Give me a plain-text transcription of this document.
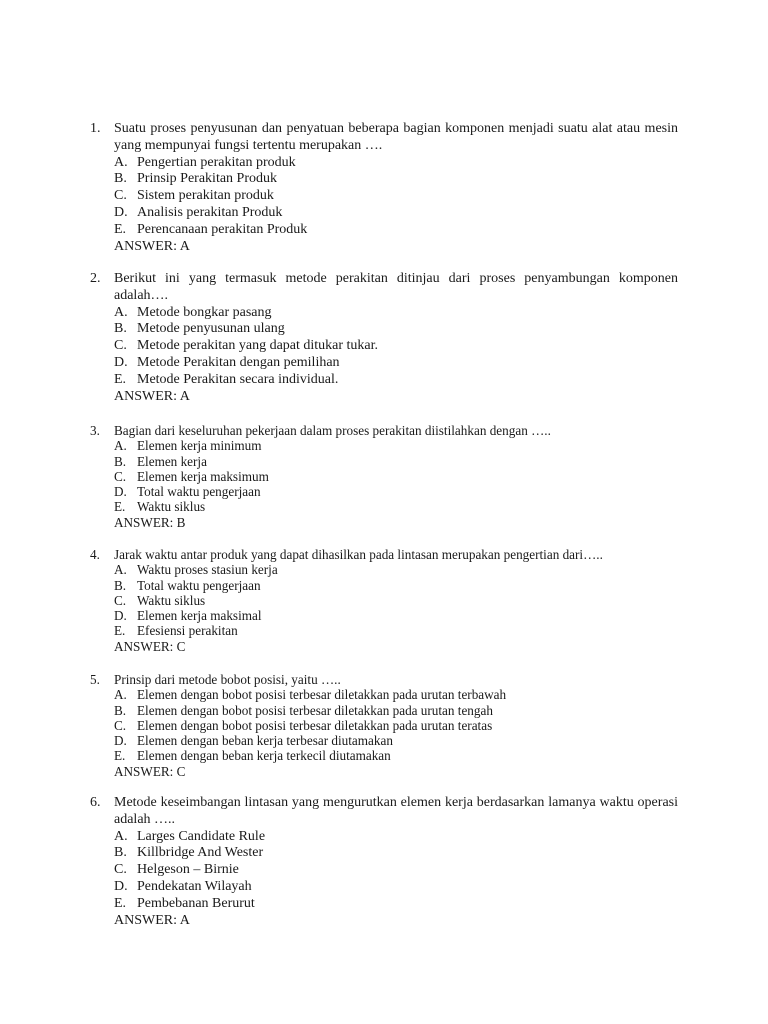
1. Suatu proses penyusunan dan penyatuan beberapa bagian komponen menjadi suatu alat atau mesin yang mempunyai fungsi tertentu merupakan ….
A. Pengertian perakitan produk
B. Prinsip Perakitan Produk
C. Sistem perakitan produk
D. Analisis perakitan Produk
E. Perencanaan perakitan Produk
ANSWER: A
2. Berikut ini yang termasuk metode perakitan ditinjau dari proses penyambungan komponen adalah….
A. Metode bongkar pasang
B. Metode penyusunan ulang
C. Metode perakitan yang dapat ditukar tukar.
D. Metode Perakitan dengan pemilihan
E. Metode Perakitan secara individual.
ANSWER: A
3. Bagian dari keseluruhan pekerjaan dalam proses perakitan diistilahkan dengan …..
A. Elemen kerja minimum
B. Elemen kerja
C. Elemen kerja maksimum
D. Total waktu pengerjaan
E. Waktu siklus
ANSWER: B
4. Jarak waktu antar produk yang dapat dihasilkan pada lintasan merupakan pengertian dari…..
A. Waktu proses stasiun kerja
B. Total waktu pengerjaan
C. Waktu siklus
D. Elemen kerja maksimal
E. Efesiensi perakitan
ANSWER: C
5. Prinsip dari metode bobot posisi, yaitu …..
A. Elemen dengan bobot posisi terbesar diletakkan pada urutan terbawah
B. Elemen dengan bobot posisi terbesar diletakkan pada urutan tengah
C. Elemen dengan bobot posisi terbesar diletakkan pada urutan teratas
D. Elemen dengan beban kerja terbesar diutamakan
E. Elemen dengan beban kerja terkecil diutamakan
ANSWER: C
6. Metode keseimbangan lintasan yang mengurutkan elemen kerja berdasarkan lamanya waktu operasi adalah …..
A. Larges Candidate Rule
B. Killbridge And Wester
C. Helgeson – Birnie
D. Pendekatan Wilayah
E. Pembebanan Berurut
ANSWER: A
